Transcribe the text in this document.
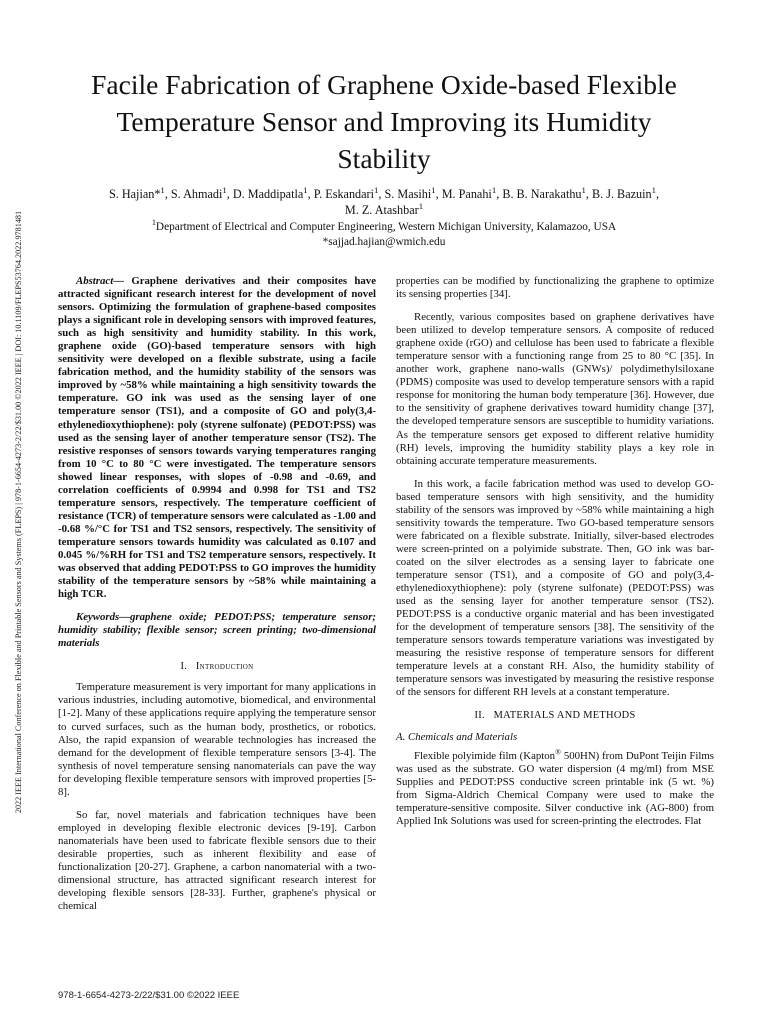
2022 IEEE International Conference on Flexible and Printable Sensors and Systems (FLEPS) | 978-1-6654-4273-2/22/$31.00 ©2022 IEEE | DOI: 10.1109/FLEPS53764.2022.9781481
Facile Fabrication of Graphene Oxide-based Flexible Temperature Sensor and Improving its Humidity Stability
S. Hajian*$^1$, S. Ahmadi$^1$, D. Maddipatla$^1$, P. Eskandari$^1$, S. Masihi$^1$, M. Panahi$^1$, B. B. Narakathu$^1$, B. J. Bazuin$^1$,
M. Z. Atashbar$^1$
$^1$Department of Electrical and Computer Engineering, Western Michigan University, Kalamazoo, USA
*sajjad.hajian@wmich.edu

Abstract— Graphene derivatives and their composites have attracted significant research interest for the development of novel sensors. Optimizing the formulation of graphene-based composites plays a significant role in developing sensors with improved features, such as high sensitivity and humidity stability. In this work, graphene oxide (GO)-based temperature sensors with high sensitivity were developed on a flexible substrate, using a facile fabrication method, and the humidity stability of the sensors was improved by ~58% while maintaining a high sensitivity towards the temperature. GO ink was used as the sensing layer of one temperature sensor (TS1), and a composite of GO and poly(3,4-ethylenedioxythiophene): poly (styrene sulfonate) (PEDOT:PSS) was used as the sensing layer of another temperature sensor (TS2). The resistive responses of sensors towards varying temperatures ranging from 10 °C to 80 °C were investigated. The temperature sensors showed linear responses, with slopes of -0.98 and -0.69, and correlation coefficients of 0.9994 and 0.998 for TS1 and TS2 temperature sensors, respectively. The temperature coefficient of resistance (TCR) of temperature sensors were calculated as -1.00 and -0.68 %/°C for TS1 and TS2 sensors, respectively. The sensitivity of temperature sensors towards humidity was calculated as 0.107 and 0.045 %/%RH for TS1 and TS2 temperature sensors, respectively. It was observed that adding PEDOT:PSS to GO improves the humidity stability of the temperature sensors by ~58% while maintaining a high TCR.

Keywords—graphene oxide; PEDOT:PSS; temperature sensor; humidity stability; flexible sensor; screen printing; two-dimensional materials

I. Introduction

Temperature measurement is very important for many applications in various industries, including automotive, biomedical, and environmental [1-2]. Many of these applications require applying the temperature sensor to curved surfaces, such as the human body, prosthetics, or robotics. Also, the rapid expansion of wearable technologies has increased the demand for the development of flexible temperature sensors [3-4]. The synthesis of novel temperature sensing nanomaterials can pave the way for developing flexible temperature sensors with improved properties [5-8].

So far, novel materials and fabrication techniques have been employed in developing flexible electronic devices [9-19]. Carbon nanomaterials have been used to fabricate flexible sensors due to their desirable properties, such as inherent flexibility and ease of functionalization [20-27]. Graphene, a carbon nanomaterial with a two-dimensional structure, has attracted significant research interest for developing flexible sensors [28-33]. Further, graphene's physical or chemical

properties can be modified by functionalizing the graphene to optimize its sensing properties [34].

Recently, various composites based on graphene derivatives have been utilized to develop temperature sensors. A composite of reduced graphene oxide (rGO) and cellulose has been used to fabricate a flexible temperature sensor with a functioning range from 25 to 80 °C [35]. In another work, graphene nano-walls (GNWs)/ polydimethylsiloxane (PDMS) composite was used to develop temperature sensors with a rapid response for monitoring the human body temperature [36]. However, due to the sensitivity of graphene derivatives toward humidity change [37], the developed temperature sensors are susceptible to humidity variations. As the temperature sensors get exposed to different relative humidity (RH) levels, improving the humidity stability plays a key role in obtaining accurate temperature measurements.

In this work, a facile fabrication method was used to develop GO-based temperature sensors with high sensitivity, and the humidity stability of the sensors was improved by ~58% while maintaining a high sensitivity towards the temperature. Two GO-based temperature sensors were fabricated on a flexible substrate. Initially, silver-based electrodes were screen-printed on a polyimide substrate. Then, GO ink was bar-coated on the silver electrodes as a sensing layer to fabricate one temperature sensor (TS1), and a composite of GO and poly(3,4-ethylenedioxythiophene): poly (styrene sulfonate) (PEDOT:PSS) was used as the sensing layer for another temperature sensor (TS2). PEDOT:PSS is a conductive organic material and has been investigated for the development of temperature sensors [38]. The sensitivity of the temperature sensors towards temperature variations was investigated by measuring the resistive response of temperature sensors for different temperature levels at a constant RH. Also, the humidity stability of temperature sensors was investigated by measuring the resistive response of the sensors for different RH levels at a constant temperature.

II. MATERIALS AND METHODS
A. Chemicals and Materials

Flexible polyimide film (Kapton® 500HN) from DuPont Teijin Films was used as the substrate. GO water dispersion (4 mg/ml) from MSE Supplies and PEDOT:PSS conductive screen printable ink (5 wt. %) from Sigma-Aldrich Chemical Company were used to make the temperature-sensitive composite. Silver conductive ink (AG-800) from Applied Ink Solutions was used for screen-printing the electrodes. Flat

978-1-6654-4273-2/22/$31.00 ©2022 IEEE
